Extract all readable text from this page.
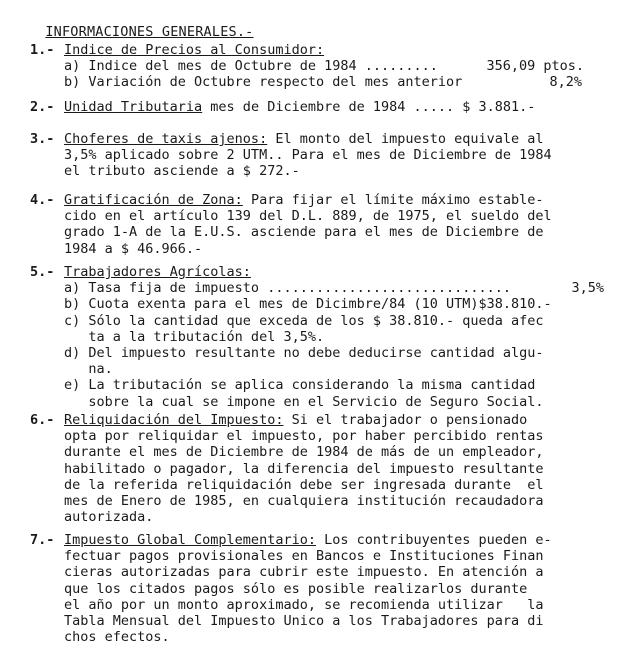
INFORMACIONES GENERALES.-

1.- Indice de Precios al Consumidor:
a) Indice del mes de Octubre de 1984 .........	356,09 ptos.
b) Variación de Octubre respecto del mes anterior	8,2%
2.- Unidad Tributaria mes de Diciembre de 1984 ..... $ 3.881.-
3.- Choferes de taxis ajenos: El monto del impuesto equivale al
3,5% aplicado sobre 2 UTM.. Para el mes de Diciembre de 1984
el tributo asciende a $ 272.-
4.- Gratificación de Zona: Para fijar el límite máximo estable-
cido en el artículo 139 del D.L. 889, de 1975, el sueldo del
grado 1-A de la E.U.S. asciende para el mes de Diciembre de
1984 a $ 46.966.-
5.- Trabajadores Agrícolas:
a) Tasa fija de impuesto ..............................	3,5%
b) Cuota exenta para el mes de Dicimbre/84 (10 UTM)$38.810.-
c) Sólo la cantidad que exceda de los $ 38.810.- queda afec
ta a la tributación del 3,5%.
d) Del impuesto resultante no debe deducirse cantidad algu-
na.
e) La tributación se aplica considerando la misma cantidad
sobre la cual se impone en el Servicio de Seguro Social.
6.- Reliquidación del Impuesto: Si el trabajador o pensionado
opta por reliquidar el impuesto, por haber percibido rentas
durante el mes de Diciembre de 1984 de más de un empleador,
habilitado o pagador, la diferencia del impuesto resultante
de la referida reliquidación debe ser ingresada durante  el
mes de Enero de 1985, en cualquiera institución recaudadora
autorizada.
7.- Impuesto Global Complementario: Los contribuyentes pueden e-
fectuar pagos provisionales en Bancos e Instituciones Finan
cieras autorizadas para cubrir este impuesto. En atención a
que los citados pagos sólo es posible realizarlos durante
el año por un monto aproximado, se recomienda utilizar   la
Tabla Mensual del Impuesto Unico a los Trabajadores para di
chos efectos.
